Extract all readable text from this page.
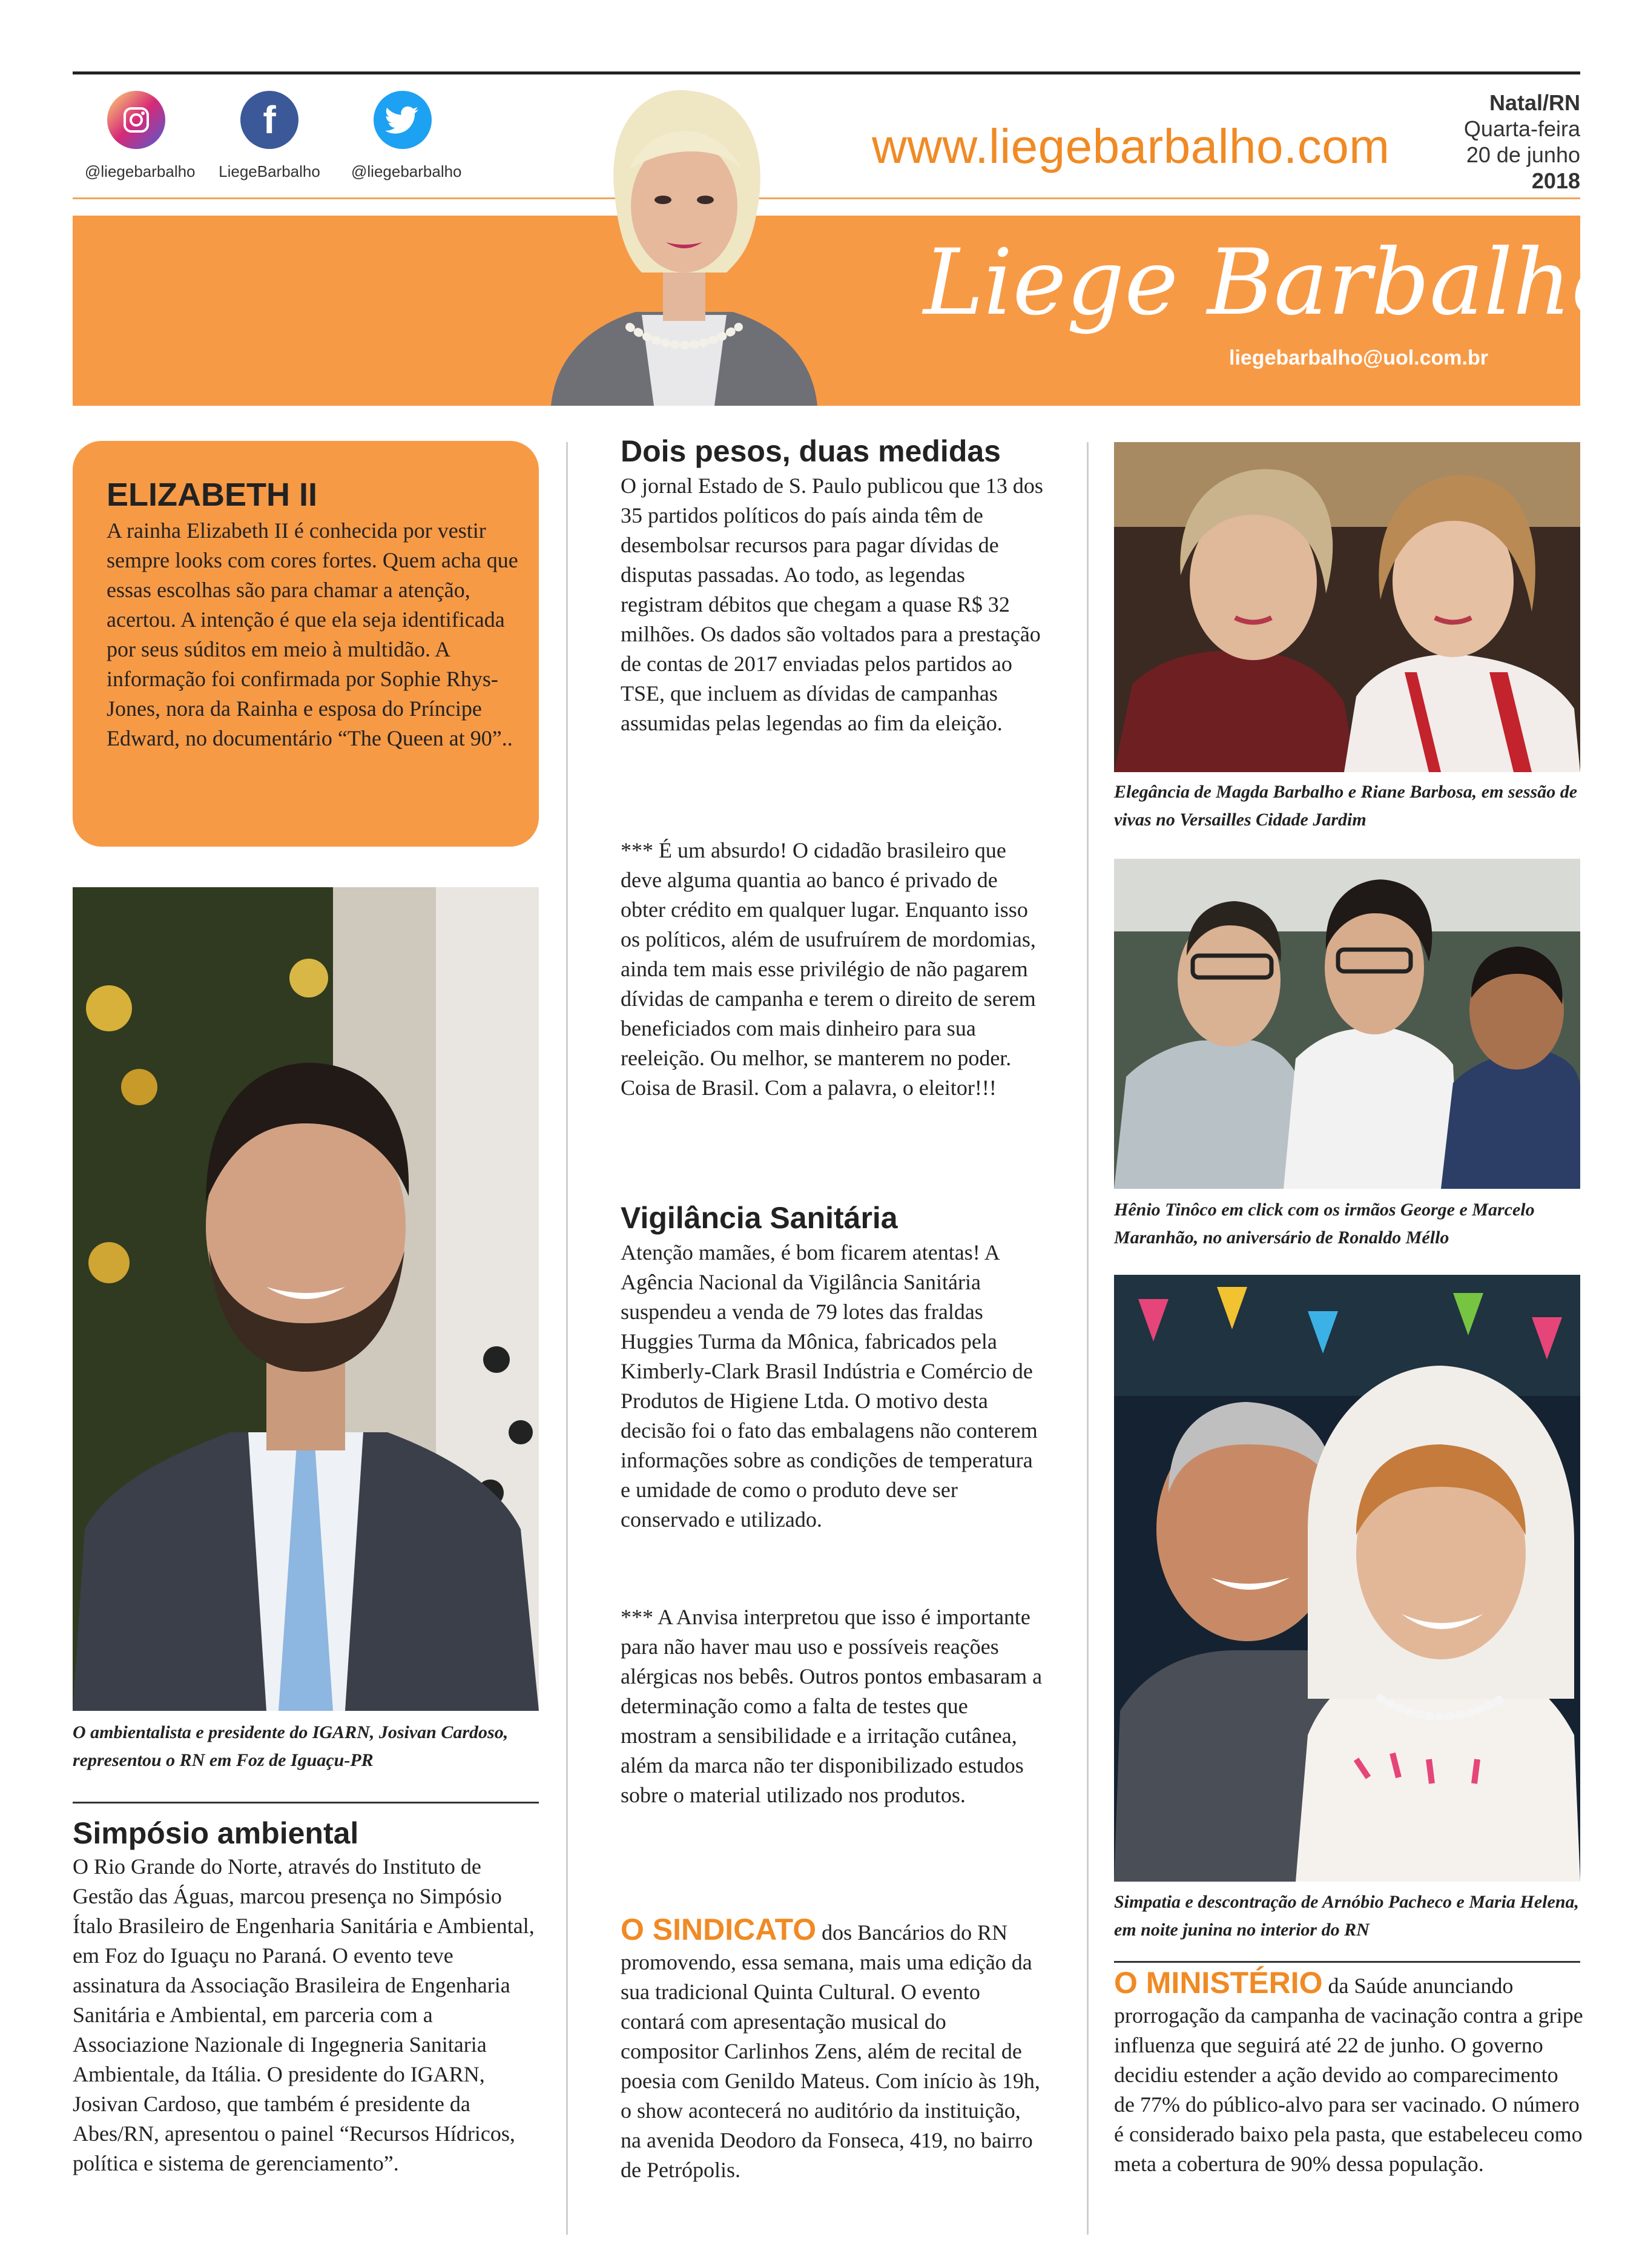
@liegebarbalho
f
LiegeBarbalho @liegebarbalho	www.liegebarbalho.com
Natal/RN
Quarta-feira
20 de junho
2018
Liege Barbalho
liegebarbalho@uol.com.br
ELIZABETH II
A rainha Elizabeth II é conhecida por vestir sempre looks com cores fortes. Quem acha que essas escolhas são para chamar a atenção, acertou. A intenção é que ela seja identificada por seus súditos em meio à multidão. A informação foi confirmada por Sophie Rhys-Jones, nora da Rainha e esposa do Príncipe Edward, no documentário “The Queen at 90”..
O ambientalista e presidente do IGARN, Josivan Cardoso, representou o RN em Foz de Iguaçu-PR
Simpósio ambiental
O Rio Grande do Norte, através do Instituto de Gestão das Águas, marcou presença no Simpósio Ítalo Brasileiro de Engenharia Sanitária e Ambiental, em Foz do Iguaçu no Paraná. O evento teve assinatura da Associação Brasileira de Engenharia Sanitária e Ambiental, em parceria com a Associazione Nazionale di Ingegneria Sanitaria Ambientale, da Itália. O presidente do IGARN, Josivan Cardoso, que também é presidente da Abes/RN, apresentou o painel “Recursos Hídricos, política e sistema de gerenciamento”.
Dois pesos, duas medidas
O jornal Estado de S. Paulo publicou que 13 dos 35 partidos políticos do país ainda têm de desembolsar recursos para pagar dívidas de disputas passadas. Ao todo, as legendas registram débitos que chegam a quase R$ 32 milhões. Os dados são voltados para a prestação de contas de 2017 enviadas pelos partidos ao TSE, que incluem as dívidas de campanhas assumidas pelas legendas ao fim da eleição.
*** É um absurdo! O cidadão brasileiro que deve alguma quantia ao banco é privado de obter crédito em qualquer lugar. Enquanto isso os políticos, além de usufruírem de mordomias, ainda tem mais esse privilégio de não pagarem dívidas de campanha e terem o direito de serem beneficiados com mais dinheiro para sua reeleição. Ou melhor, se manterem no poder. Coisa de Brasil. Com a palavra, o eleitor!!!
Vigilância Sanitária
Atenção mamães, é bom ficarem atentas! A Agência Nacional da Vigilância Sanitária suspendeu a venda de 79 lotes das fraldas Huggies Turma da Mônica, fabricados pela Kimberly-Clark Brasil Indústria e Comércio de Produtos de Higiene Ltda. O motivo desta decisão foi o fato das embalagens não conterem informações sobre as condições de temperatura e umidade de como o produto deve ser conservado e utilizado.
*** A Anvisa interpretou que isso é importante para não haver mau uso e possíveis reações alérgicas nos bebês. Outros pontos embasaram a determinação como a falta de testes que mostram a sensibilidade e a irritação cutânea, além da marca não ter disponibilizado estudos sobre o material utilizado nos produtos.
O SINDICATO dos Bancários do RN promovendo, essa semana, mais uma edição da sua tradicional Quinta Cultural. O evento contará com apresentação musical do compositor Carlinhos Zens, além de recital de poesia com Genildo Mateus. Com início às 19h, o show acontecerá no auditório da instituição, na avenida Deodoro da Fonseca, 419, no bairro de Petrópolis.
Elegância de Magda Barbalho e Riane Barbosa, em sessão de vivas no Versailles Cidade Jardim
Hênio Tinôco em click com os irmãos George e Marcelo Maranhão, no aniversário de Ronaldo Méllo
Simpatia e descontração de Arnóbio Pacheco e Maria Helena, em noite junina no interior do RN
O MINISTÉRIO da Saúde anunciando prorrogação da campanha de vacinação contra a gripe influenza que seguirá até 22 de junho. O governo decidiu estender a ação devido ao comparecimento de 77% do público-alvo para ser vacinado. O número é considerado baixo pela pasta, que estabeleceu como meta a cobertura de 90% dessa população.
